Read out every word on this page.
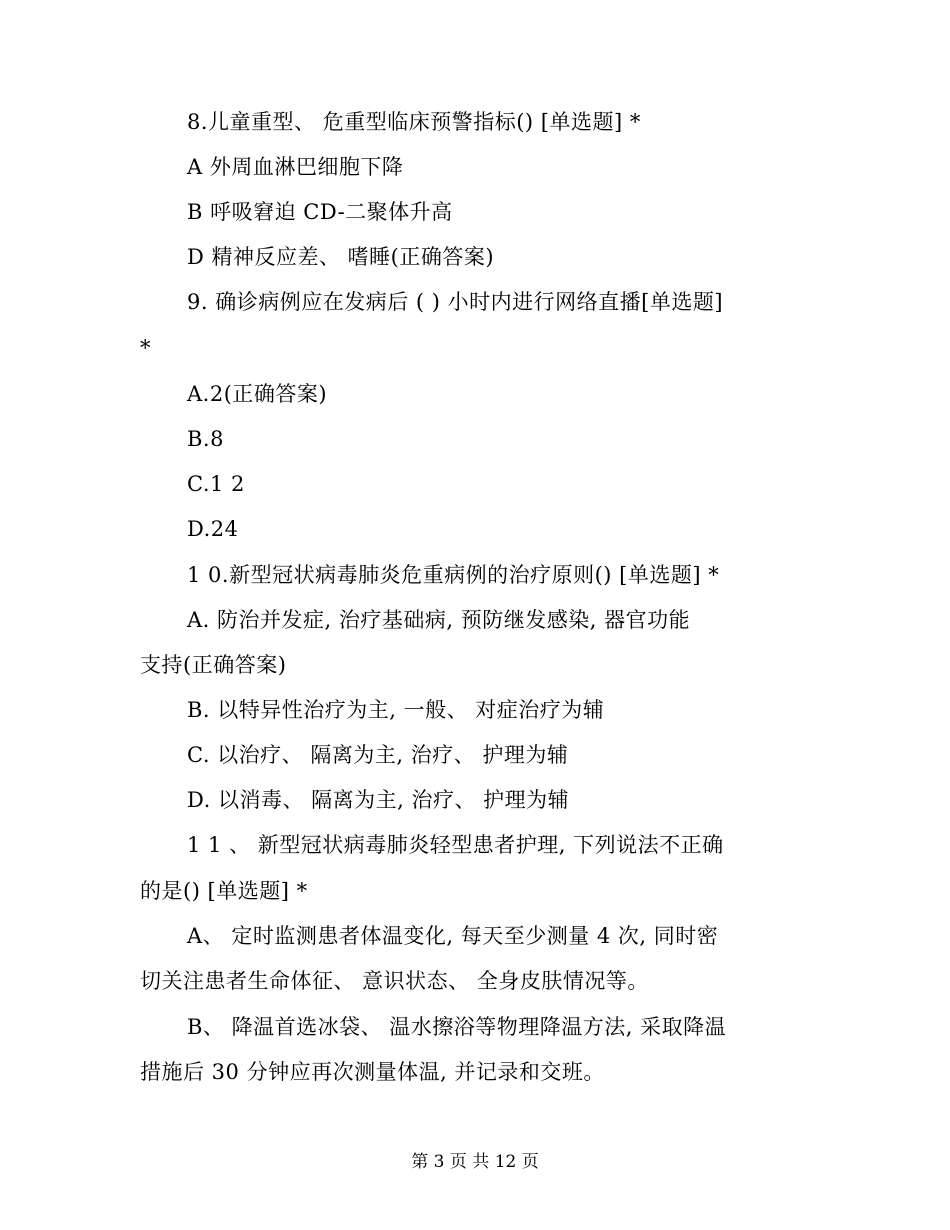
8.儿童重型、 危重型临床预警指标() [单选题] *
A 外周血淋巴细胞下降
B 呼吸窘迫 CD-二聚体升高
D 精神反应差、 嗜睡(正确答案)
9. 确诊病例应在发病后 ( ) 小时内进行网络直播[单选题]
*
A.2(正确答案)
B.8
C.1 2
D.24
1 0.新型冠状病毒肺炎危重病例的治疗原则() [单选题] *
A. 防治并发症, 治疗基础病, 预防继发感染, 器官功能
支持(正确答案)
B. 以特异性治疗为主, 一般、 对症治疗为辅
C. 以治疗、 隔离为主, 治疗、 护理为辅
D. 以消毒、 隔离为主, 治疗、 护理为辅
1 1 、 新型冠状病毒肺炎轻型患者护理, 下列说法不正确
的是() [单选题] *
A、 定时监测患者体温变化, 每天至少测量 4 次, 同时密
切关注患者生命体征、 意识状态、 全身皮肤情况等。
B、 降温首选冰袋、 温水擦浴等物理降温方法, 采取降温
措施后 30 分钟应再次测量体温, 并记录和交班。
第 3 页 共 12 页
